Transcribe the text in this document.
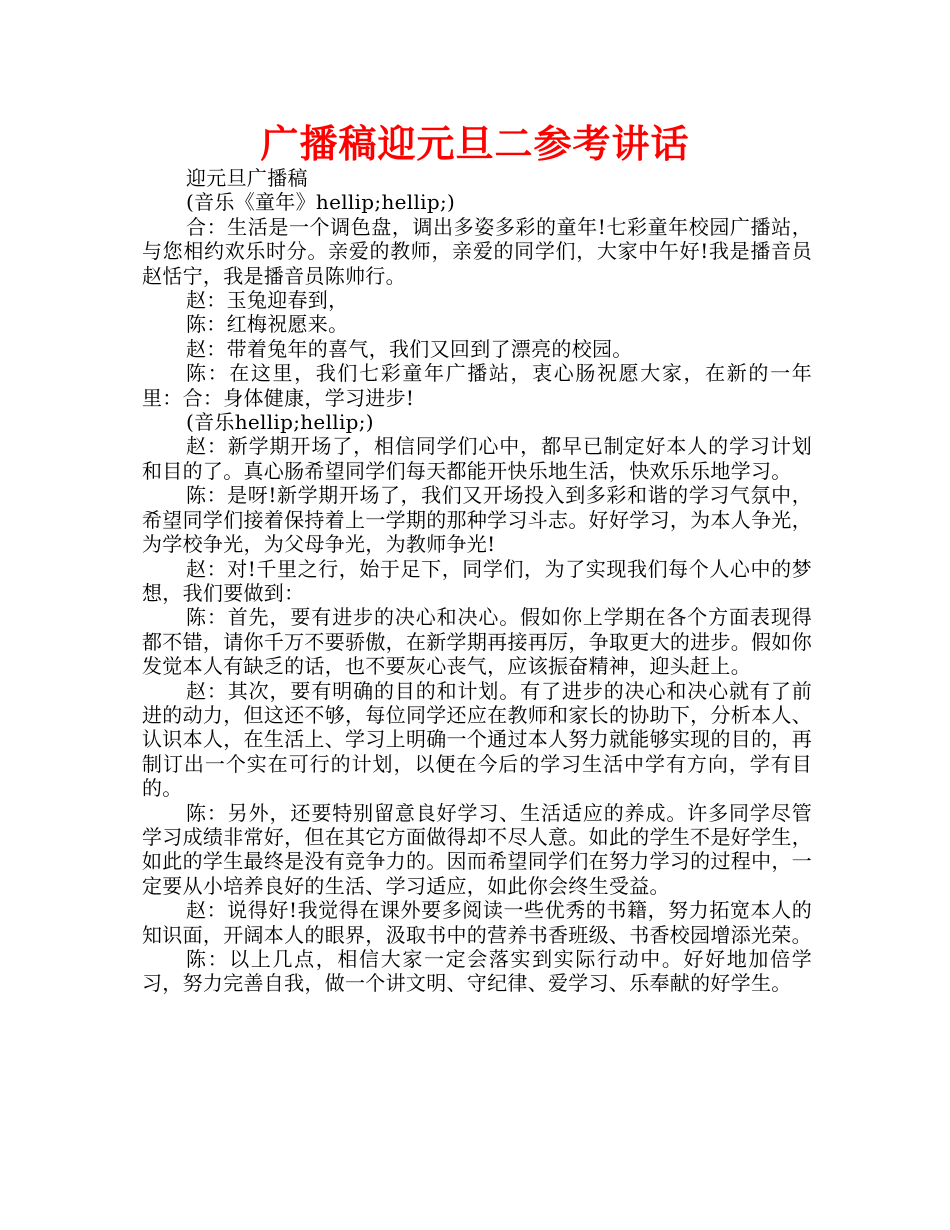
广播稿迎元旦二参考讲话

迎元旦广播稿

(音乐《童年》hellip;hellip;)

合：生活是一个调色盘，调出多姿多彩的童年!七彩童年校园广播站，与您相约欢乐时分。亲爱的教师，亲爱的同学们，大家中午好!我是播音员赵恬宁，我是播音员陈帅行。

赵：玉兔迎春到，

陈：红梅祝愿来。

赵：带着兔年的喜气，我们又回到了漂亮的校园。

陈：在这里，我们七彩童年广播站，衷心肠祝愿大家，在新的一年里：合：身体健康，学习进步!

(音乐hellip;hellip;)

赵：新学期开场了，相信同学们心中，都早已制定好本人的学习计划和目的了。真心肠希望同学们每天都能开快乐地生活，快欢乐乐地学习。

陈：是呀!新学期开场了，我们又开场投入到多彩和谐的学习气氛中，希望同学们接着保持着上一学期的那种学习斗志。好好学习，为本人争光，为学校争光，为父母争光，为教师争光!

赵：对!千里之行，始于足下，同学们，为了实现我们每个人心中的梦想，我们要做到：

陈：首先，要有进步的决心和决心。假如你上学期在各个方面表现得都不错，请你千万不要骄傲，在新学期再接再厉，争取更大的进步。假如你发觉本人有缺乏的话，也不要灰心丧气，应该振奋精神，迎头赶上。

赵：其次，要有明确的目的和计划。有了进步的决心和决心就有了前进的动力，但这还不够，每位同学还应在教师和家长的协助下，分析本人、认识本人，在生活上、学习上明确一个通过本人努力就能够实现的目的，再制订出一个实在可行的计划，以便在今后的学习生活中学有方向，学有目的。

陈：另外，还要特别留意良好学习、生活适应的养成。许多同学尽管学习成绩非常好，但在其它方面做得却不尽人意。如此的学生不是好学生，如此的学生最终是没有竞争力的。因而希望同学们在努力学习的过程中，一定要从小培养良好的生活、学习适应，如此你会终生受益。

赵：说得好!我觉得在课外要多阅读一些优秀的书籍，努力拓宽本人的知识面，开阔本人的眼界，汲取书中的营养书香班级、书香校园增添光荣。

陈：以上几点，相信大家一定会落实到实际行动中。好好地加倍学习，努力完善自我，做一个讲文明、守纪律、爱学习、乐奉献的好学生。
